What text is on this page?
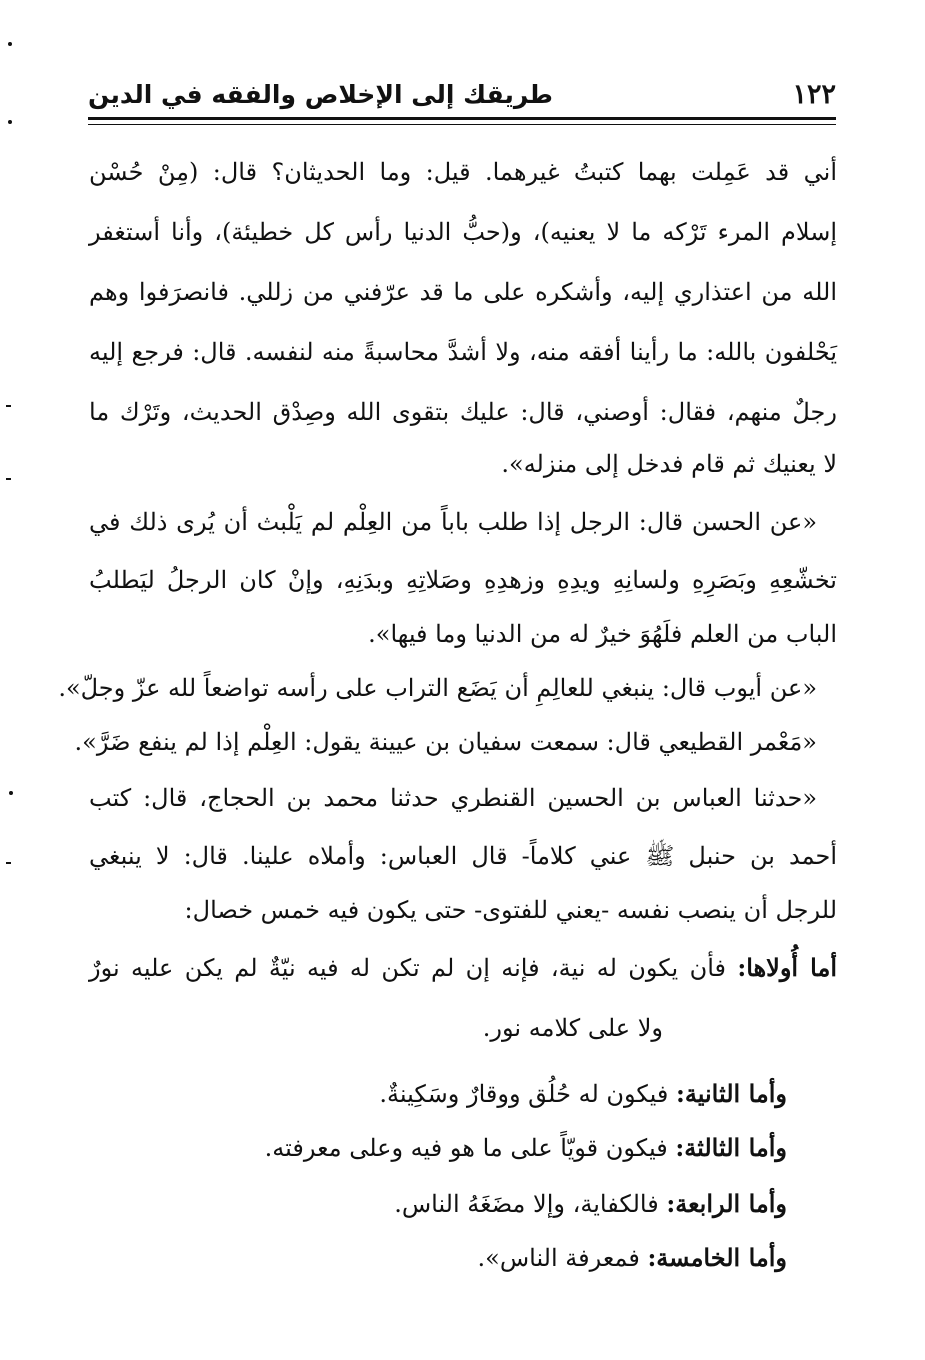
١٢٢
طريقك إلى الإخلاص والفقه في الدين
أني قد عَمِلت بهما كتبتُ غيرهما. قيل: وما الحديثان؟ قال: (مِنْ حُسْن
إسلام المرء تَرْكه ما لا يعنيه)، و(حبُّ الدنيا رأس كل خطيئة)، وأنا أستغفر
الله من اعتذاري إليه، وأشكره على ما قد عرّفني من زللي. فانصرَفوا وهم
يَحْلفون بالله: ما رأينا أفقه منه، ولا أشدَّ محاسبةً منه لنفسه. قال: فرجع إليه
رجلٌ منهم، فقال: أوصني، قال: عليك بتقوى الله وصِدْق الحديث، وتَرْك ما
لا يعنيك ثم قام فدخل إلى منزله».
«عن الحسن قال: الرجل إذا طلب باباً من العِلْم لم يَلْبث أن يُرى ذلك في
تخشّعِهِ وبَصَرِهِ ولسانِهِ ويدِهِ وزهدِهِ وصَلاتِهِ وبدَنِهِ، وإنْ كان الرجلُ ليَطلبُ
الباب من العلم فلَهُوَ خيرٌ له من الدنيا وما فيها».
«عن أيوب قال: ينبغي للعالِمِ أن يَضَع التراب على رأسه تواضعاً لله عزّ وجلّ».
«مَعْمر القطيعي قال: سمعت سفيان بن عيينة يقول: العِلْم إذا لم ينفع ضَرَّ».
«حدثنا العباس بن الحسين القنطري حدثنا محمد بن الحجاج، قال: كتب
أحمد بن حنبل ﷺ عني كلاماً- قال العباس: وأملاه علينا. قال: لا ينبغي
للرجل أن ينصب نفسه -يعني للفتوى- حتى يكون فيه خمس خصال:
أما أُولاها: فأن يكون له نية، فإنه إن لم تكن له فيه نيّةٌ لم يكن عليه نورٌ
ولا على كلامه نور.
وأما الثانية: فيكون له حُلُق ووقارٌ وسَكِينةٌ.
وأما الثالثة: فيكون قويّاً على ما هو فيه وعلى معرفته.
وأما الرابعة: فالكفاية، وإلا مضَغَهُ الناس.
وأما الخامسة: فمعرفة الناس».
